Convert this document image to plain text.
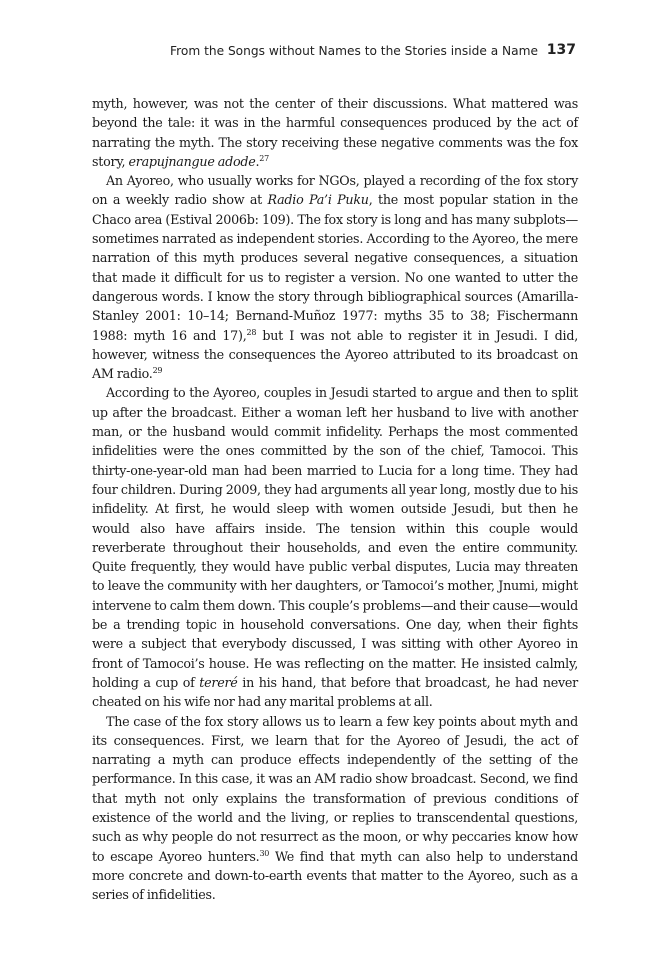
From the Songs without Names to the Stories inside a Name 137

myth, however, was not the center of their discussions. What mattered was beyond the tale: it was in the harmful consequences produced by the act of narrating the myth. The story receiving these negative comments was the fox story, erapujnangue adode.$^{27}$

An Ayoreo, who usually works for NGOs, played a recording of the fox story on a weekly radio show at Radio Pa’i Puku, the most popular station in the Chaco area (Estival 2006b: 109). The fox story is long and has many subplots—sometimes narrated as independent stories. According to the Ayoreo, the mere narration of this myth produces several negative consequences, a situation that made it difficult for us to register a version. No one wanted to utter the dangerous words. I know the story through bibliographical sources (Amarilla-Stanley 2001: 10–14; Bernand-Muñoz 1977: myths 35 to 38; Fischermann 1988: myth 16 and 17),$^{28}$ but I was not able to register it in Jesudi. I did, however, witness the consequences the Ayoreo attributed to its broadcast on AM radio.$^{29}$

According to the Ayoreo, couples in Jesudi started to argue and then to split up after the broadcast. Either a woman left her husband to live with another man, or the husband would commit infidelity. Perhaps the most commented infidelities were the ones committed by the son of the chief, Tamocoi. This thirty-one-year-old man had been married to Lucia for a long time. They had four children. During 2009, they had arguments all year long, mostly due to his infidelity. At first, he would sleep with women outside Jesudi, but then he would also have affairs inside. The tension within this couple would reverberate throughout their households, and even the entire community. Quite frequently, they would have public verbal disputes, Lucia may threaten to leave the community with her daughters, or Tamocoi’s mother, Jnumi, might intervene to calm them down. This couple’s problems—and their cause—would be a trending topic in household conversations. One day, when their fights were a subject that everybody discussed, I was sitting with other Ayoreo in front of Tamocoi’s house. He was reflecting on the matter. He insisted calmly, holding a cup of tereré in his hand, that before that broadcast, he had never cheated on his wife nor had any marital problems at all.

The case of the fox story allows us to learn a few key points about myth and its consequences. First, we learn that for the Ayoreo of Jesudi, the act of narrating a myth can produce effects independently of the setting of the performance. In this case, it was an AM radio show broadcast. Second, we find that myth not only explains the transformation of previous conditions of existence of the world and the living, or replies to transcendental questions, such as why people do not resurrect as the moon, or why peccaries know how to escape Ayoreo hunters.$^{30}$ We find that myth can also help to understand more concrete and down-to-earth events that matter to the Ayoreo, such as a series of infidelities.
